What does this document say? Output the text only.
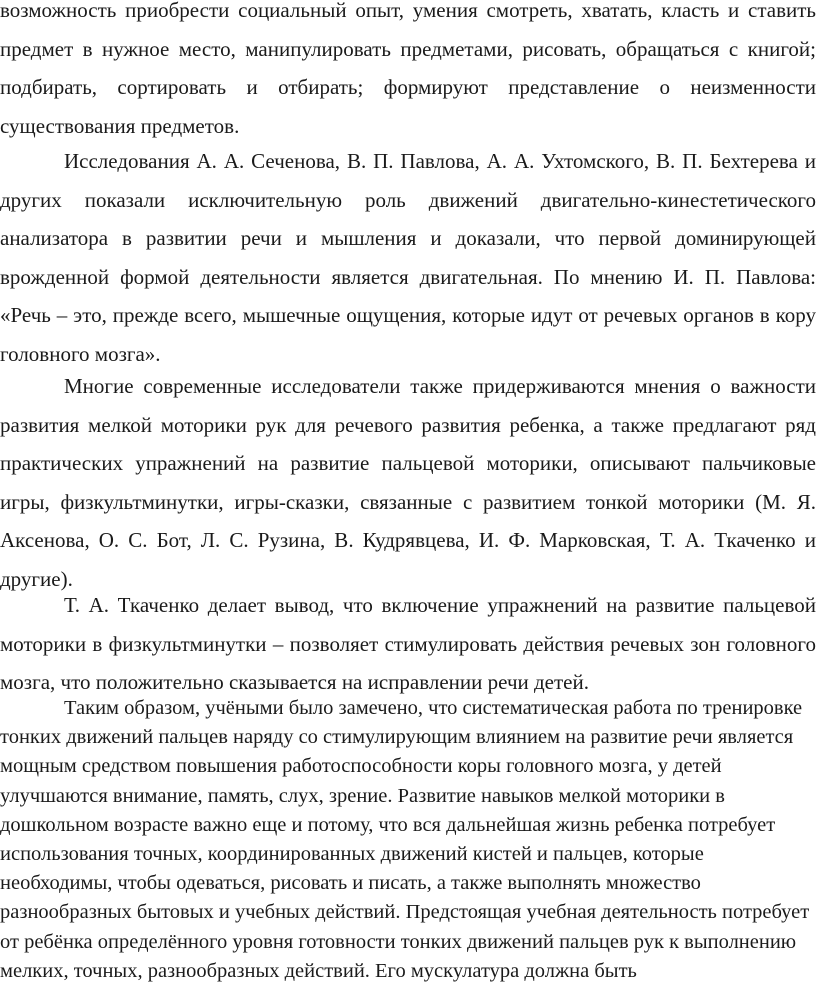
возможность приобрести социальный опыт, умения смотреть, хватать, класть и ставить предмет в нужное место, манипулировать предметами, рисовать, обращаться с книгой; подбирать, сортировать и отбирать; формируют представление о неизменности существования предметов.

Исследования А. А. Сеченова, В. П. Павлова, А. А. Ухтомского, В. П. Бехтерева и других показали исключительную роль движений двигательно-кинестетического анализатора в развитии речи и мышления и доказали, что первой доминирующей врожденной формой деятельности является двигательная. По мнению И. П. Павлова: «Речь – это, прежде всего, мышечные ощущения, которые идут от речевых органов в кору головного мозга».

Многие современные исследователи также придерживаются мнения о важности развития мелкой моторики рук для речевого развития ребенка, а также предлагают ряд практических упражнений на развитие пальцевой моторики, описывают пальчиковые игры, физкультминутки, игры-сказки, связанные с развитием тонкой моторики (М. Я. Аксенова, О. С. Бот, Л. С. Рузина, В. Кудрявцева, И. Ф. Марковская, Т. А. Ткаченко и другие).

Т. А. Ткаченко делает вывод, что включение упражнений на развитие пальцевой моторики в физкультминутки – позволяет стимулировать действия речевых зон головного мозга, что положительно сказывается на исправлении речи детей.

Таким образом, учёными было замечено, что систематическая работа по тренировке тонких движений пальцев наряду со стимулирующим влиянием на развитие речи является мощным средством повышения работоспособности коры головного мозга, у детей улучшаются внимание, память, слух, зрение. Развитие навыков мелкой моторики в дошкольном возрасте важно еще и потому, что вся дальнейшая жизнь ребенка потребует использования точных, координированных движений кистей и пальцев, которые необходимы, чтобы одеваться, рисовать и писать, а также выполнять множество разнообразных бытовых и учебных действий. Предстоящая учебная деятельность потребует от ребёнка определённого уровня готовности тонких движений пальцев рук к выполнению мелких, точных, разнообразных действий. Его мускулатура должна быть
